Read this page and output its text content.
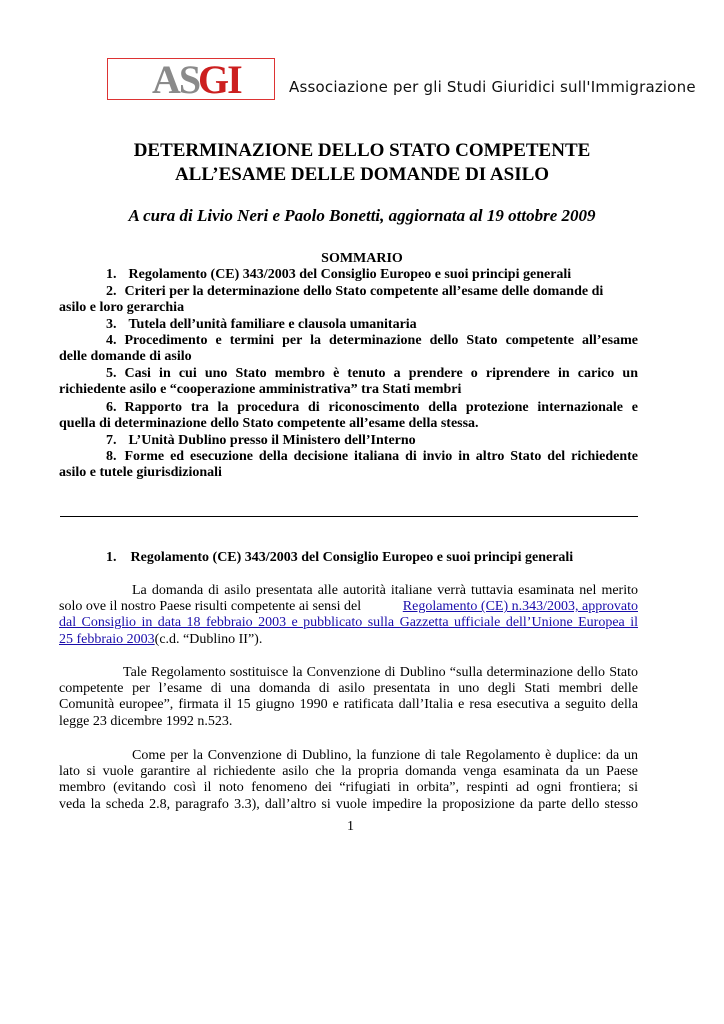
AS
GI	Associazione per gli Studi Giuridici sull'Immigrazione
DETERMINAZIONE DELLO STATO COMPETENTE
ALL’ESAME DELLE DOMANDE DI ASILO
A cura di Livio Neri e Paolo Bonetti, aggiornata al 19 ottobre 2009
SOMMARIO
1. Regolamento (CE) 343/2003 del Consiglio Europeo e suoi principi generali
2. Criteri per la determinazione dello Stato competente all’esame delle domande di
asilo e loro gerarchia
3. Tutela dell’unità familiare e clausola umanitaria
4. Procedimento e termini per la determinazione dello Stato competente all’esame
delle domande di asilo
5. Casi in cui uno Stato membro è tenuto a prendere o riprendere in carico un
richiedente asilo e “cooperazione amministrativa” tra Stati membri
6. Rapporto tra la procedura di riconoscimento della protezione internazionale e
quella di determinazione dello Stato competente all’esame della stessa.
7. L’Unità Dublino presso il Ministero dell’Interno
8. Forme ed esecuzione della decisione italiana di invio in altro Stato del richiedente
asilo e tutele giurisdizionali
1. Regolamento (CE) 343/2003 del Consiglio Europeo e suoi principi generali
La domanda di asilo presentata alle autorità italiane verrà tuttavia esaminata nel merito
solo ove il nostro Paese risulti competente ai sensi del	Regolamento (CE) n.343/2003, approvato
dal Consiglio in data 18 febbraio 2003 e pubblicato sulla Gazzetta ufficiale dell’Unione Europea il
25 febbraio 2003 (c.d. “Dublino II”).
Tale Regolamento sostituisce la Convenzione di Dublino “sulla determinazione dello Stato
competente per l’esame di una domanda di asilo presentata in uno degli Stati membri delle
Comunità europee”, firmata il 15 giugno 1990 e ratificata dall’Italia e resa esecutiva a seguito della
legge 23 dicembre 1992 n.523.
Come per la Convenzione di Dublino, la funzione di tale Regolamento è duplice: da un
lato si vuole garantire al richiedente asilo che la propria domanda venga esaminata da un Paese
membro (evitando così il noto fenomeno dei “rifugiati in orbita”, respinti ad ogni frontiera; si
veda la scheda 2.8, paragrafo 3.3), dall’altro si vuole impedire la proposizione da parte dello stesso
1
